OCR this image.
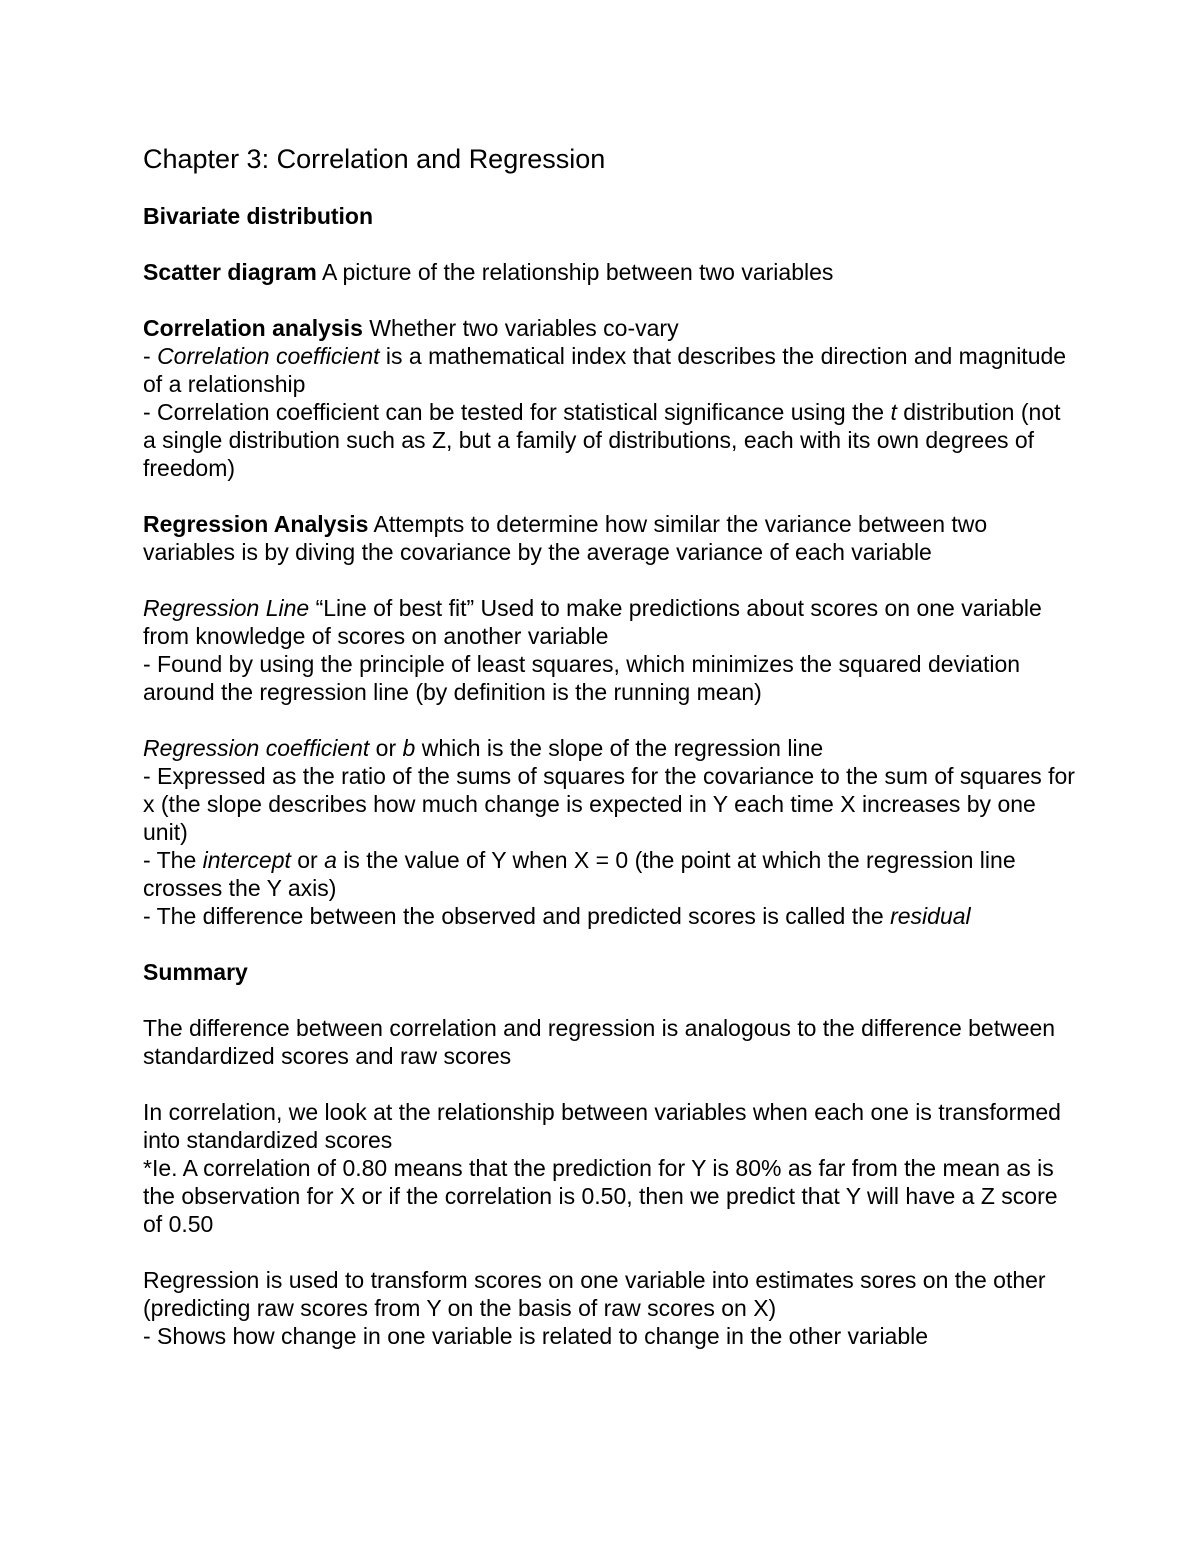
Chapter 3: Correlation and Regression
Bivariate distribution

Scatter diagram A picture of the relationship between two variables

Correlation analysis Whether two variables co-vary
- Correlation coefficient is a mathematical index that describes the direction and magnitude of a relationship
- Correlation coefficient can be tested for statistical significance using the t distribution (not a single distribution such as Z, but a family of distributions, each with its own degrees of freedom)

Regression Analysis Attempts to determine how similar the variance between two variables is by diving the covariance by the average variance of each variable

Regression Line “Line of best fit” Used to make predictions about scores on one variable from knowledge of scores on another variable
- Found by using the principle of least squares, which minimizes the squared deviation around the regression line (by definition is the running mean)

Regression coefficient or b which is the slope of the regression line
- Expressed as the ratio of the sums of squares for the covariance to the sum of squares for x (the slope describes how much change is expected in Y each time X increases by one unit)
- The intercept or a is the value of Y when X = 0 (the point at which the regression line crosses the Y axis)
- The difference between the observed and predicted scores is called the residual

Summary

The difference between correlation and regression is analogous to the difference between standardized scores and raw scores

In correlation, we look at the relationship between variables when each one is transformed into standardized scores
*Ie. A correlation of 0.80 means that the prediction for Y is 80% as far from the mean as is the observation for X or if the correlation is 0.50, then we predict that Y will have a Z score of 0.50

Regression is used to transform scores on one variable into estimates sores on the other (predicting raw scores from Y on the basis of raw scores on X)
- Shows how change in one variable is related to change in the other variable
